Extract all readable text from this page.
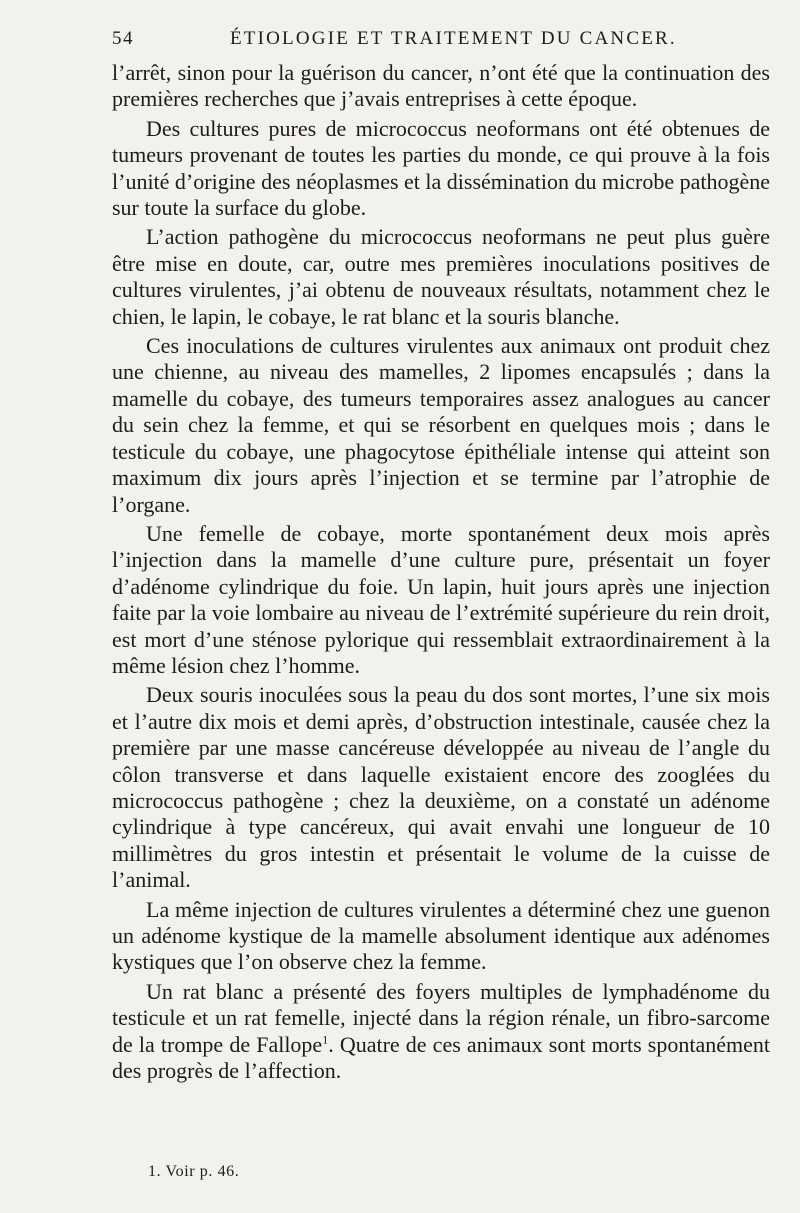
54	ÉTIOLOGIE ET TRAITEMENT DU CANCER.

l’arrêt, sinon pour la guérison du cancer, n’ont été que la continuation des premières recherches que j’avais entreprises à cette époque.

Des cultures pures de micrococcus neoformans ont été obtenues de tumeurs provenant de toutes les parties du monde, ce qui prouve à la fois l’unité d’origine des néoplasmes et la dissémination du microbe pathogène sur toute la surface du globe.

L’action pathogène du micrococcus neoformans ne peut plus guère être mise en doute, car, outre mes premières inoculations positives de cultures virulentes, j’ai obtenu de nouveaux résultats, notamment chez le chien, le lapin, le cobaye, le rat blanc et la souris blanche.

Ces inoculations de cultures virulentes aux animaux ont produit chez une chienne, au niveau des mamelles, 2 lipomes encapsulés ; dans la mamelle du cobaye, des tumeurs temporaires assez analogues au cancer du sein chez la femme, et qui se résorbent en quelques mois ; dans le testicule du cobaye, une phagocytose épithéliale intense qui atteint son maximum dix jours après l’injection et se termine par l’atrophie de l’organe.

Une femelle de cobaye, morte spontanément deux mois après l’injection dans la mamelle d’une culture pure, présentait un foyer d’adénome cylindrique du foie. Un lapin, huit jours après une injection faite par la voie lombaire au niveau de l’extrémité supérieure du rein droit, est mort d’une sténose pylorique qui ressemblait extraordinairement à la même lésion chez l’homme.

Deux souris inoculées sous la peau du dos sont mortes, l’une six mois et l’autre dix mois et demi après, d’obstruction intestinale, causée chez la première par une masse cancéreuse développée au niveau de l’angle du côlon transverse et dans laquelle existaient encore des zooglées du micrococcus pathogène ; chez la deuxième, on a constaté un adénome cylindrique à type cancéreux, qui avait envahi une longueur de 10 millimètres du gros intestin et présentait le volume de la cuisse de l’animal.

La même injection de cultures virulentes a déterminé chez une guenon un adénome kystique de la mamelle absolument identique aux adénomes kystiques que l’on observe chez la femme.

Un rat blanc a présenté des foyers multiples de lymphadénome du testicule et un rat femelle, injecté dans la région rénale, un fibro-sarcome de la trompe de Fallope$^1$. Quatre de ces animaux sont morts spontanément des progrès de l’affection.

1. Voir p. 46.
